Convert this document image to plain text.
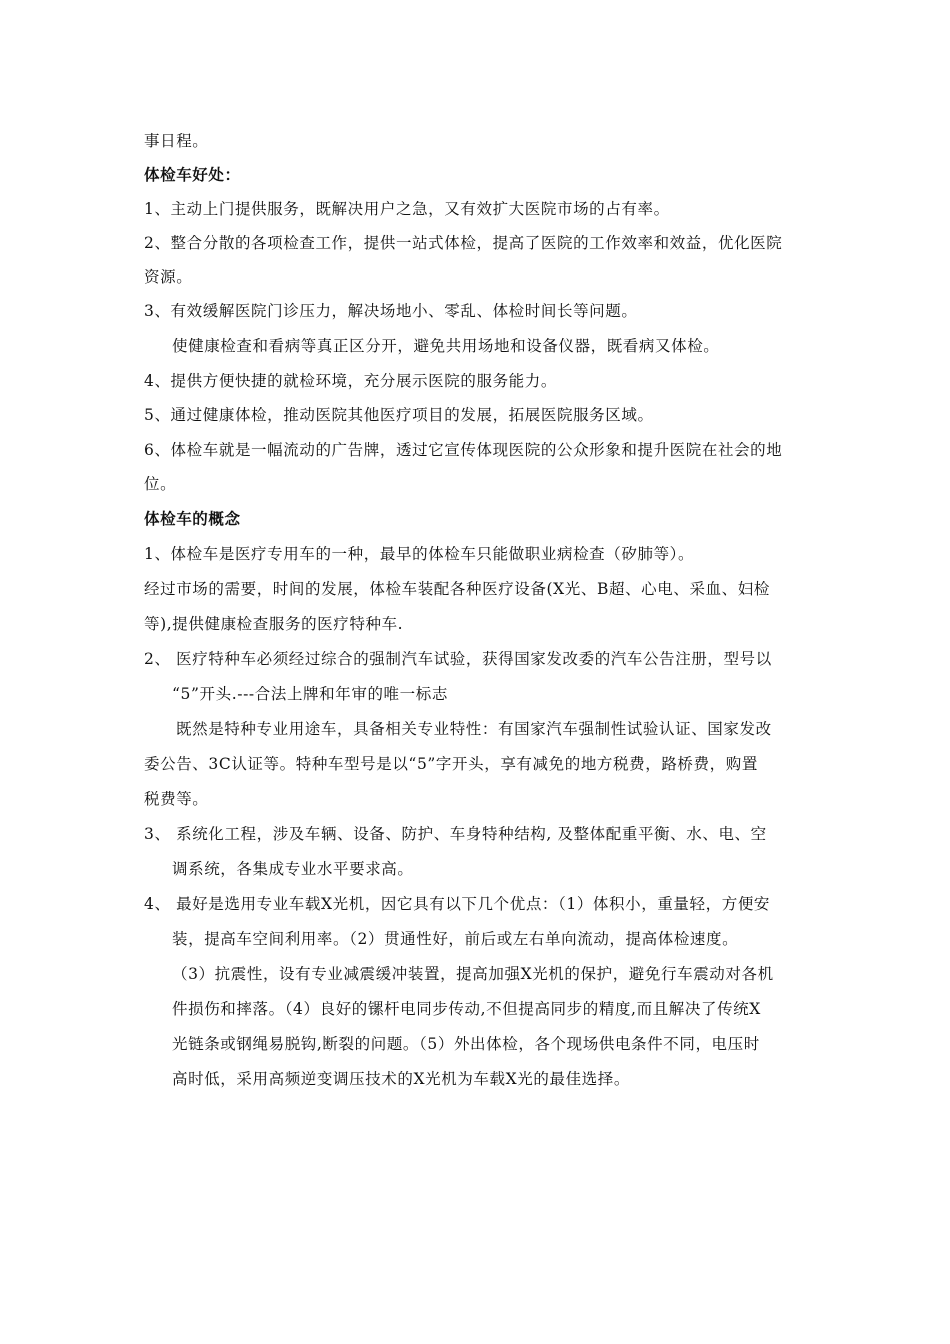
事日程。
体检车好处：
1、主动上门提供服务，既解决用户之急，又有效扩大医院市场的占有率。
2、整合分散的各项检查工作，提供一站式体检，提高了医院的工作效率和效益，优化医院
资源。
3、有效缓解医院门诊压力，解决场地小、零乱、体检时间长等问题。
使健康检查和看病等真正区分开，避免共用场地和设备仪器，既看病又体检。
4、提供方便快捷的就检环境，充分展示医院的服务能力。
5、通过健康体检，推动医院其他医疗项目的发展，拓展医院服务区域。
6、体检车就是一幅流动的广告牌，透过它宣传体现医院的公众形象和提升医院在社会的地
位。
体检车的概念
1、体检车是医疗专用车的一种，最早的体检车只能做职业病检查（矽肺等）。
经过市场的需要，时间的发展，体检车装配各种医疗设备(X光、B超、心电、采血、妇检
等),提供健康检查服务的医疗特种车.
2、 医疗特种车必须经过综合的强制汽车试验，获得国家发改委的汽车公告注册，型号以
“5”开头.---合法上牌和年审的唯一标志
既然是特种专业用途车，具备相关专业特性：有国家汽车强制性试验认证、国家发改
委公告、3C认证等。特种车型号是以“5”字开头，享有减免的地方税费，路桥费，购置
税费等。
3、 系统化工程，涉及车辆、设备、防护、车身特种结构, 及整体配重平衡、水、电、空
调系统，各集成专业水平要求高。
4、 最好是选用专业车载X光机，因它具有以下几个优点：（1）体积小，重量轻，方便安
装，提高车空间利用率。（2）贯通性好，前后或左右单向流动，提高体检速度。
（3）抗震性，设有专业减震缓冲装置，提高加强X光机的保护，避免行车震动对各机
件损伤和摔落。（4）良好的镙杆电同步传动,不但提高同步的精度,而且解决了传统X
光链条或钢绳易脱钩,断裂的问题。（5）外出体检，各个现场供电条件不同，电压时
高时低，采用高频逆变调压技术的X光机为车载X光的最佳选择。
